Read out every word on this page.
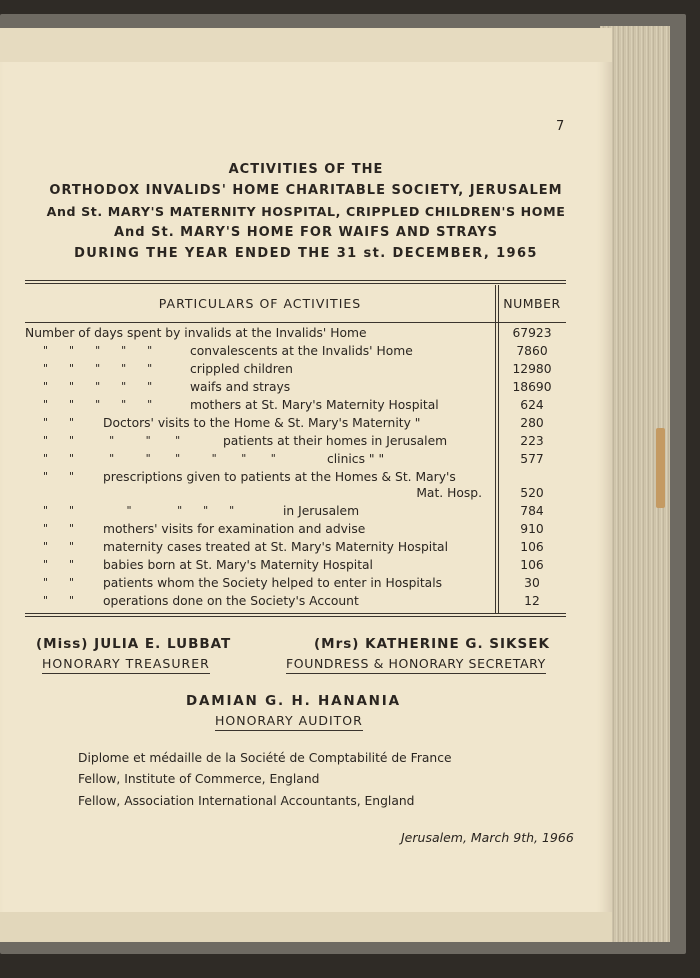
7
ACTIVITIES OF THE
ORTHODOX INVALIDS' HOME CHARITABLE SOCIETY, JERUSALEM
And St. MARY'S MATERNITY HOSPITAL, CRIPPLED CHILDREN'S HOME
And St. MARY'S HOME FOR WAIFS AND STRAYS
DURING THE YEAR ENDED THE 31 st. DECEMBER, 1965
PARTICULARS OF ACTIVITIES	NUMBER
Number of days spent by invalids at the Invalids' Home	67923
"      "      "      "      "	convalescents at the Invalids' Home	7860
"      "      "      "      "	crippled children	12980
"      "      "      "      "	waifs and strays	18690
"      "      "      "      "	mothers at St. Mary's Maternity Hospital	624
"      " Doctors' visits to the Home & St. Mary's Maternity "	280
"      "          "         "       "	patients at their homes in Jerusalem	223
"      "          "         "       "         "       "       "	clinics " "	577
"      " prescriptions given to patients at the Homes & St. Mary's
Mat. Hosp.	520
"      "               "             "      "      "	in Jerusalem	784
"      " mothers' visits for examination and advise	910
"      " maternity cases treated at St. Mary's Maternity Hospital	106
"      " babies born at St. Mary's Maternity Hospital	106
"      " patients whom the Society helped to enter in Hospitals	30
"      " operations done on the Society's Account	12
(Miss) JULIA E. LUBBAT
HONORARY TREASURER
(Mrs) KATHERINE G. SIKSEK
FOUNDRESS & HONORARY SECRETARY
DAMIAN G. H. HANANIA
HONORARY AUDITOR
Diplome et médaille de la Société de Comptabilité de France
Fellow, Institute of Commerce, England
Fellow, Association International Accountants, England
Jerusalem, March 9th, 1966
